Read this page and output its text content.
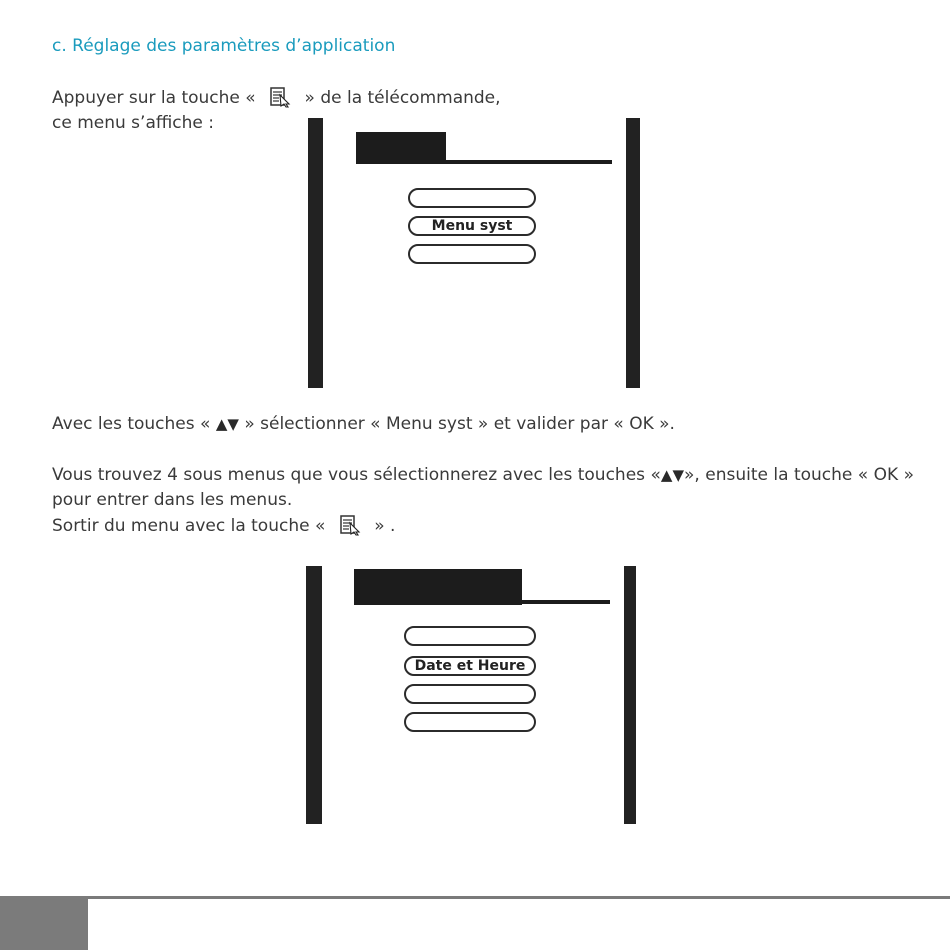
c. Réglage des paramètres d’application
Appuyer sur la touche «	» de la télécommande,
ce menu s’affiche :
Menu syst
Avec les touches « ▲▼ » sélectionner « Menu syst » et valider par « OK ».
Vous trouvez 4 sous menus que vous sélectionnerez avec les touches «▲▼», ensuite la touche « OK » pour entrer dans les menus.
Sortir du menu avec la touche «	» .
Date et Heure
